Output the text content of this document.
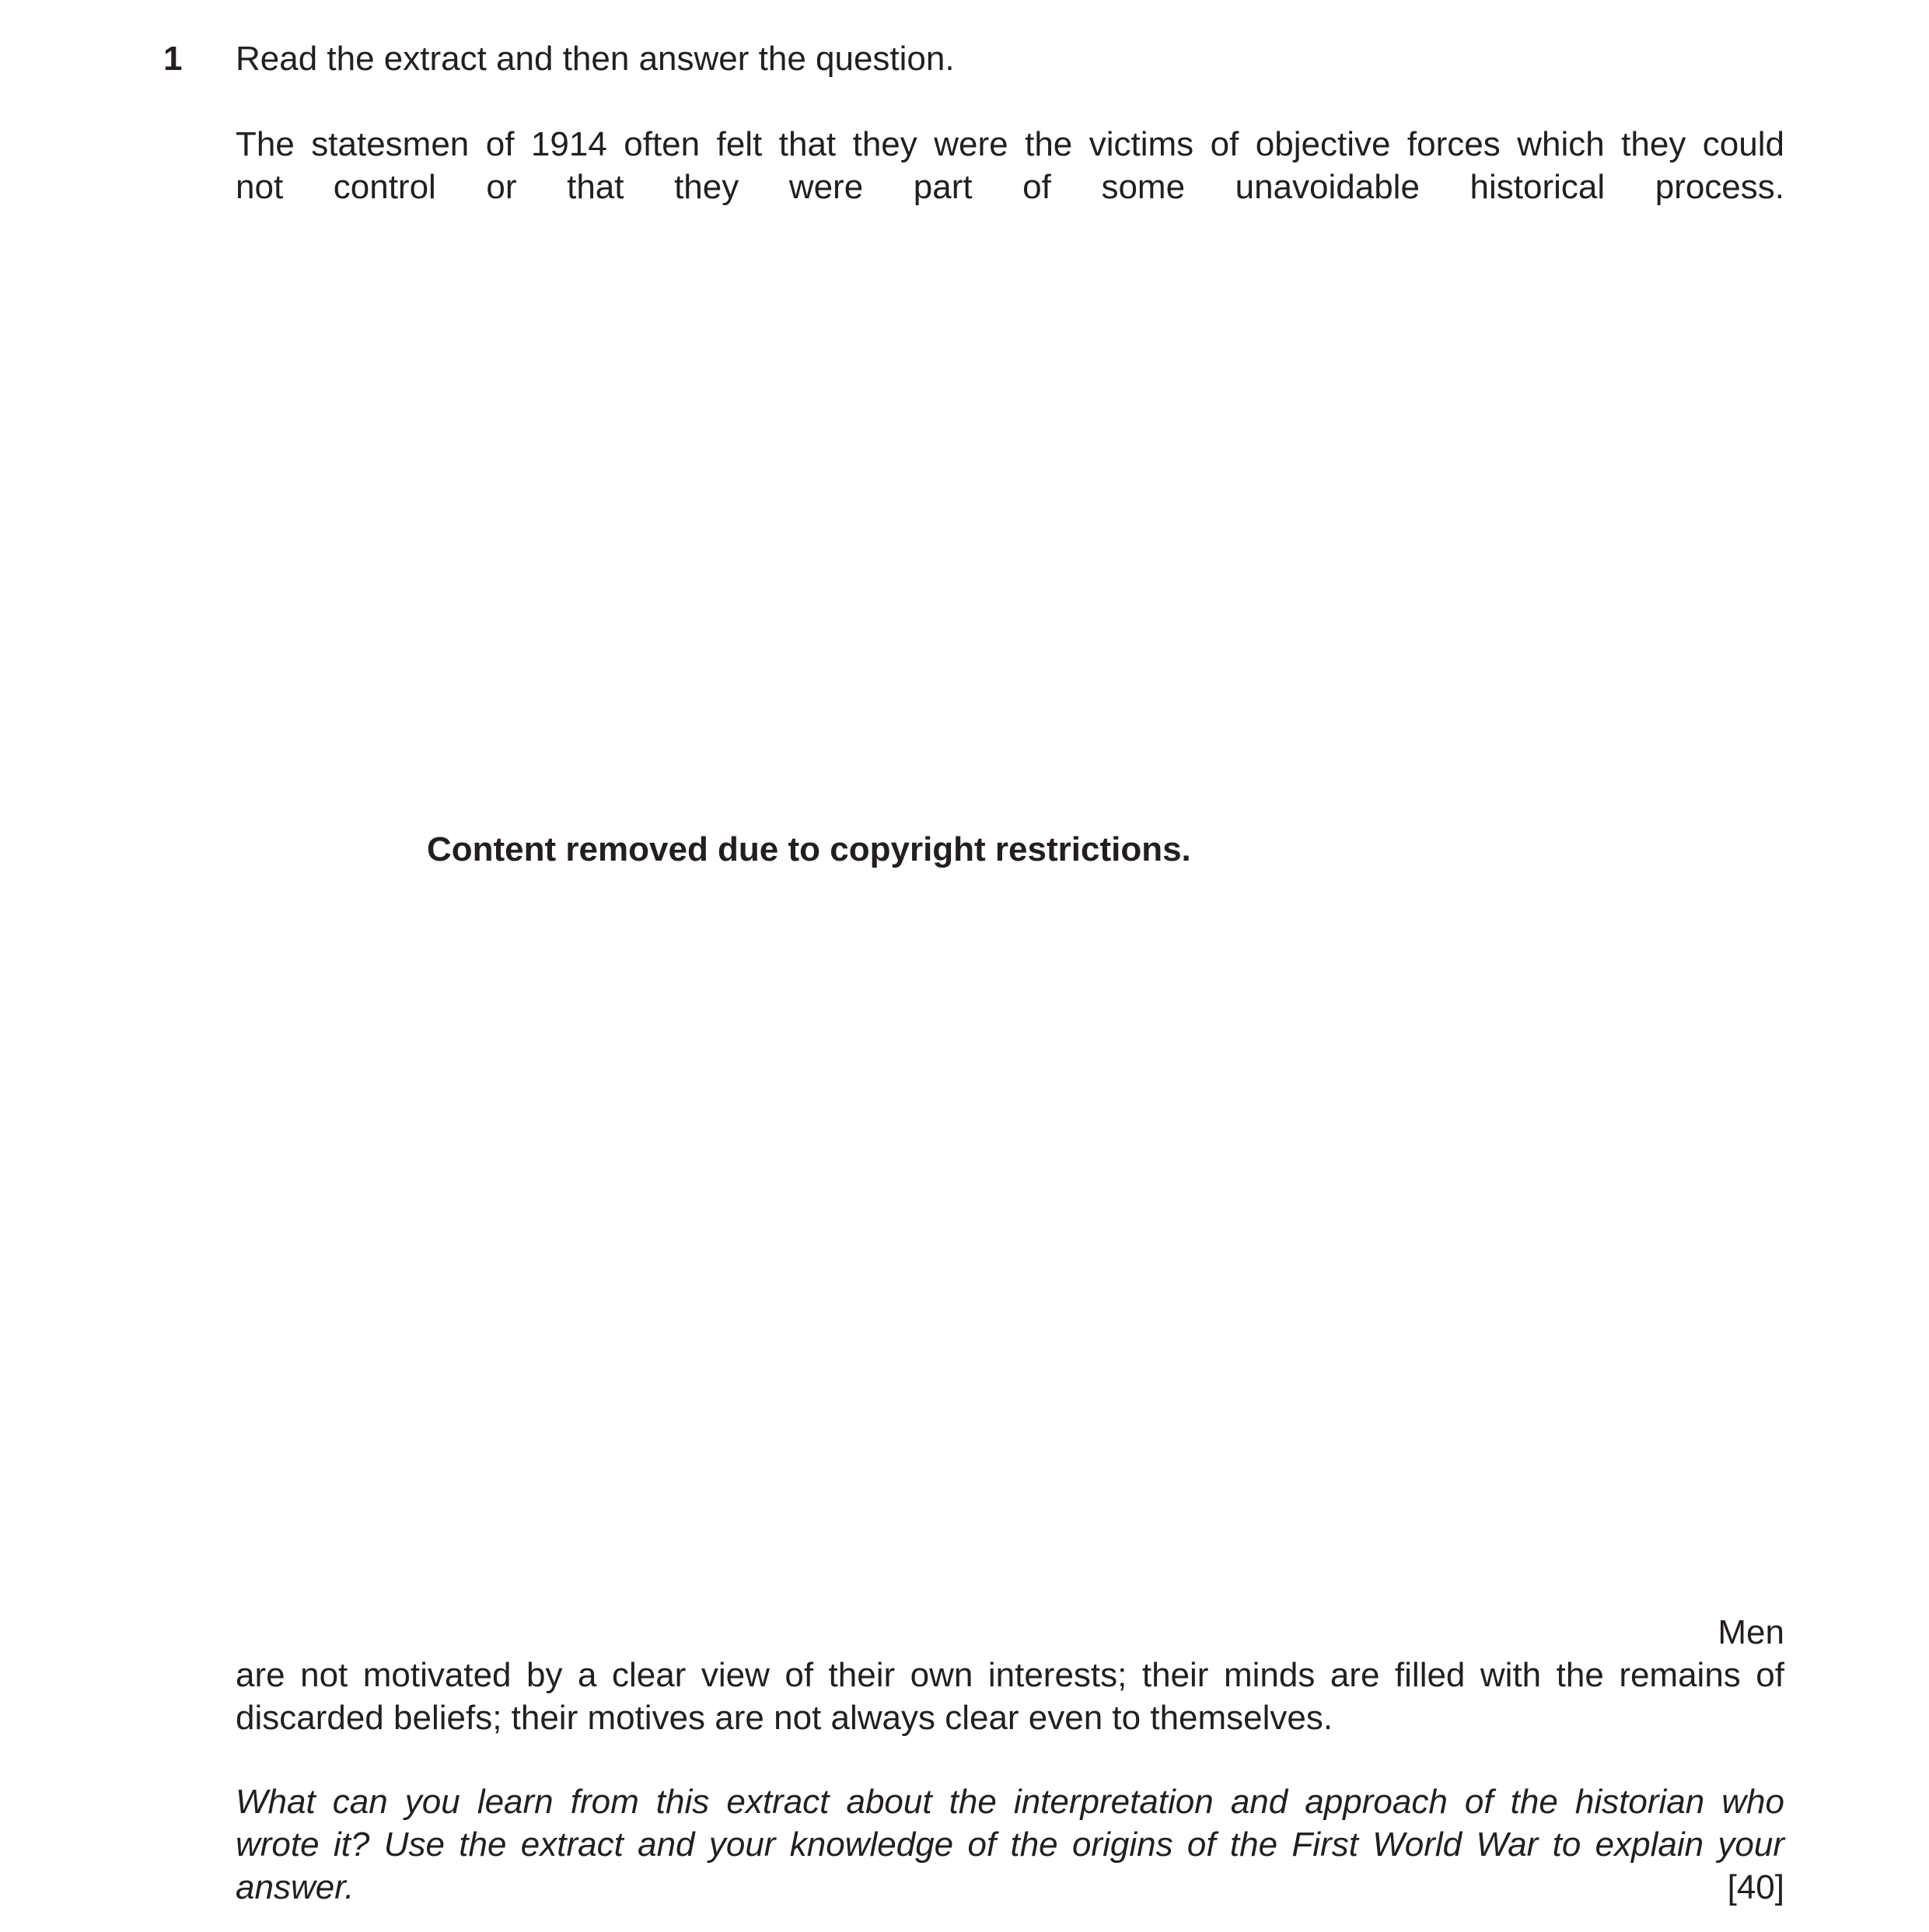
1 Read the extract and then answer the question.
The statesmen of 1914 often felt that they were the victims of objective forces which they could
not control or that they were part of some unavoidable historical process.
Content removed due to copyright restrictions.
Men
are not motivated by a clear view of their own interests; their minds are filled with the remains of
discarded beliefs; their motives are not always clear even to themselves.
What can you learn from this extract about the interpretation and approach of the historian who
wrote it? Use the extract and your knowledge of the origins of the First World War to explain your
answer.	[40]
